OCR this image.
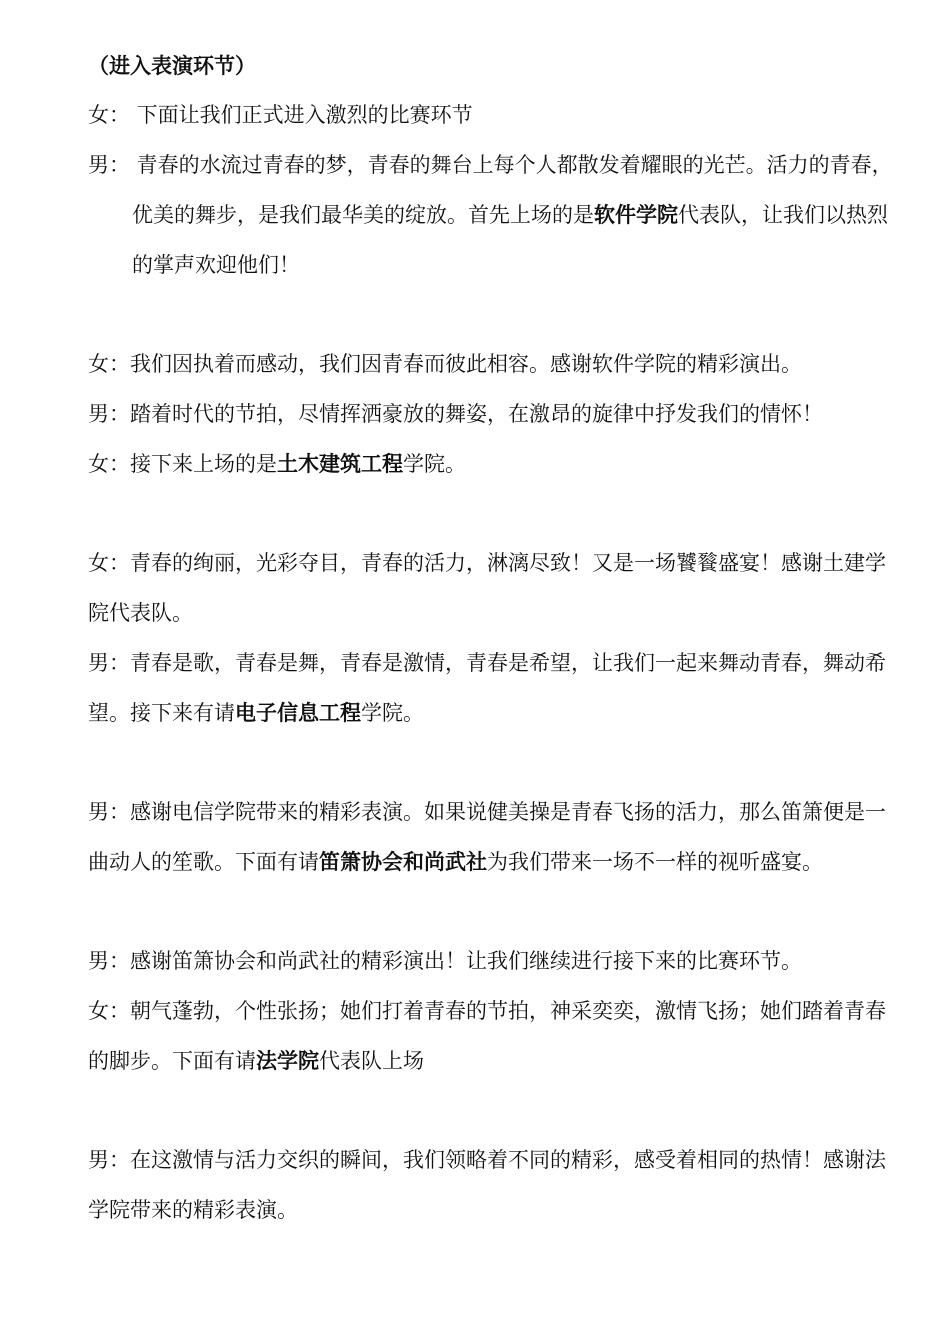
（进入表演环节）
女： 下面让我们正式进入激烈的比赛环节
男： 青春的水流过青春的梦，青春的舞台上每个人都散发着耀眼的光芒。活力的青春，优美的舞步，是我们最华美的绽放。首先上场的是软件学院代表队，让我们以热烈的掌声欢迎他们！
女：我们因执着而感动，我们因青春而彼此相容。感谢软件学院的精彩演出。
男：踏着时代的节拍，尽情挥洒豪放的舞姿，在激昂的旋律中抒发我们的情怀！
女：接下来上场的是土木建筑工程学院。
女：青春的绚丽，光彩夺目，青春的活力，淋漓尽致！又是一场饕餮盛宴！感谢土建学院代表队。
男：青春是歌，青春是舞，青春是激情，青春是希望，让我们一起来舞动青春，舞动希望。接下来有请电子信息工程学院。
男：感谢电信学院带来的精彩表演。如果说健美操是青春飞扬的活力，那么笛箫便是一曲动人的笙歌。下面有请笛箫协会和尚武社为我们带来一场不一样的视听盛宴。
男：感谢笛箫协会和尚武社的精彩演出！让我们继续进行接下来的比赛环节。
女：朝气蓬勃，个性张扬；她们打着青春的节拍，神采奕奕，激情飞扬；她们踏着青春的脚步。下面有请法学院代表队上场
男：在这激情与活力交织的瞬间，我们领略着不同的精彩，感受着相同的热情！感谢法学院带来的精彩表演。
